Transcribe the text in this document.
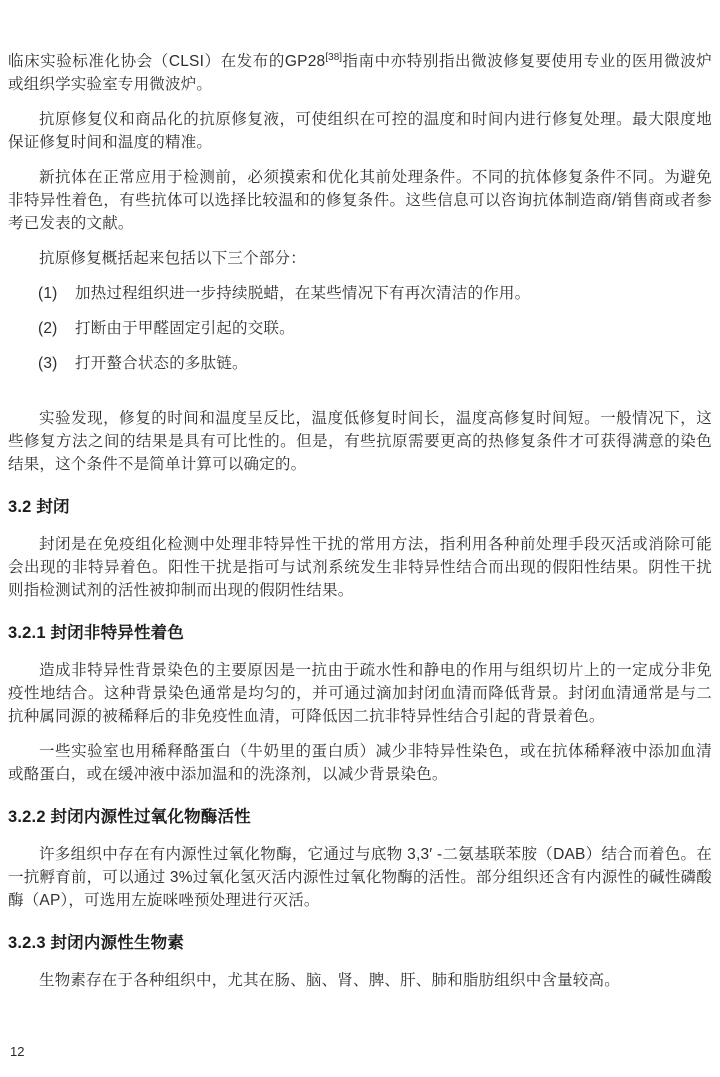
临床实验标准化协会（CLSI）在发布的GP28[38]指南中亦特别指出微波修复要使用专业的医用微波炉或组织学实验室专用微波炉。

抗原修复仪和商品化的抗原修复液，可使组织在可控的温度和时间内进行修复处理。最大限度地保证修复时间和温度的精准。

新抗体在正常应用于检测前，必须摸索和优化其前处理条件。不同的抗体修复条件不同。为避免非特异性着色，有些抗体可以选择比较温和的修复条件。这些信息可以咨询抗体制造商/销售商或者参考已发表的文献。

抗原修复概括起来包括以下三个部分：

(1)	加热过程组织进一步持续脱蜡，在某些情况下有再次清洁的作用。
(2)	打断由于甲醛固定引起的交联。
(3)	打开螯合状态的多肽链。

实验发现，修复的时间和温度呈反比，温度低修复时间长，温度高修复时间短。一般情况下，这些修复方法之间的结果是具有可比性的。但是，有些抗原需要更高的热修复条件才可获得满意的染色结果，这个条件不是简单计算可以确定的。

3.2 封闭

封闭是在免疫组化检测中处理非特异性干扰的常用方法，指利用各种前处理手段灭活或消除可能会出现的非特异着色。阳性干扰是指可与试剂系统发生非特异性结合而出现的假阳性结果。阴性干扰则指检测试剂的活性被抑制而出现的假阴性结果。

3.2.1 封闭非特异性着色

造成非特异性背景染色的主要原因是一抗由于疏水性和静电的作用与组织切片上的一定成分非免疫性地结合。这种背景染色通常是均匀的，并可通过滴加封闭血清而降低背景。封闭血清通常是与二抗种属同源的被稀释后的非免疫性血清，可降低因二抗非特异性结合引起的背景着色。

一些实验室也用稀释酪蛋白（牛奶里的蛋白质）减少非特异性染色，或在抗体稀释液中添加血清或酪蛋白，或在缓冲液中添加温和的洗涤剂，以减少背景染色。

3.2.2 封闭内源性过氧化物酶活性

许多组织中存在有内源性过氧化物酶，它通过与底物 3,3′ -二氨基联苯胺（DAB）结合而着色。在一抗孵育前，可以通过 3%过氧化氢灭活内源性过氧化物酶的活性。部分组织还含有内源性的碱性磷酸酶（AP），可选用左旋咪唑预处理进行灭活。

3.2.3 封闭内源性生物素

生物素存在于各种组织中，尤其在肠、脑、肾、脾、肝、肺和脂肪组织中含量较高。

12
